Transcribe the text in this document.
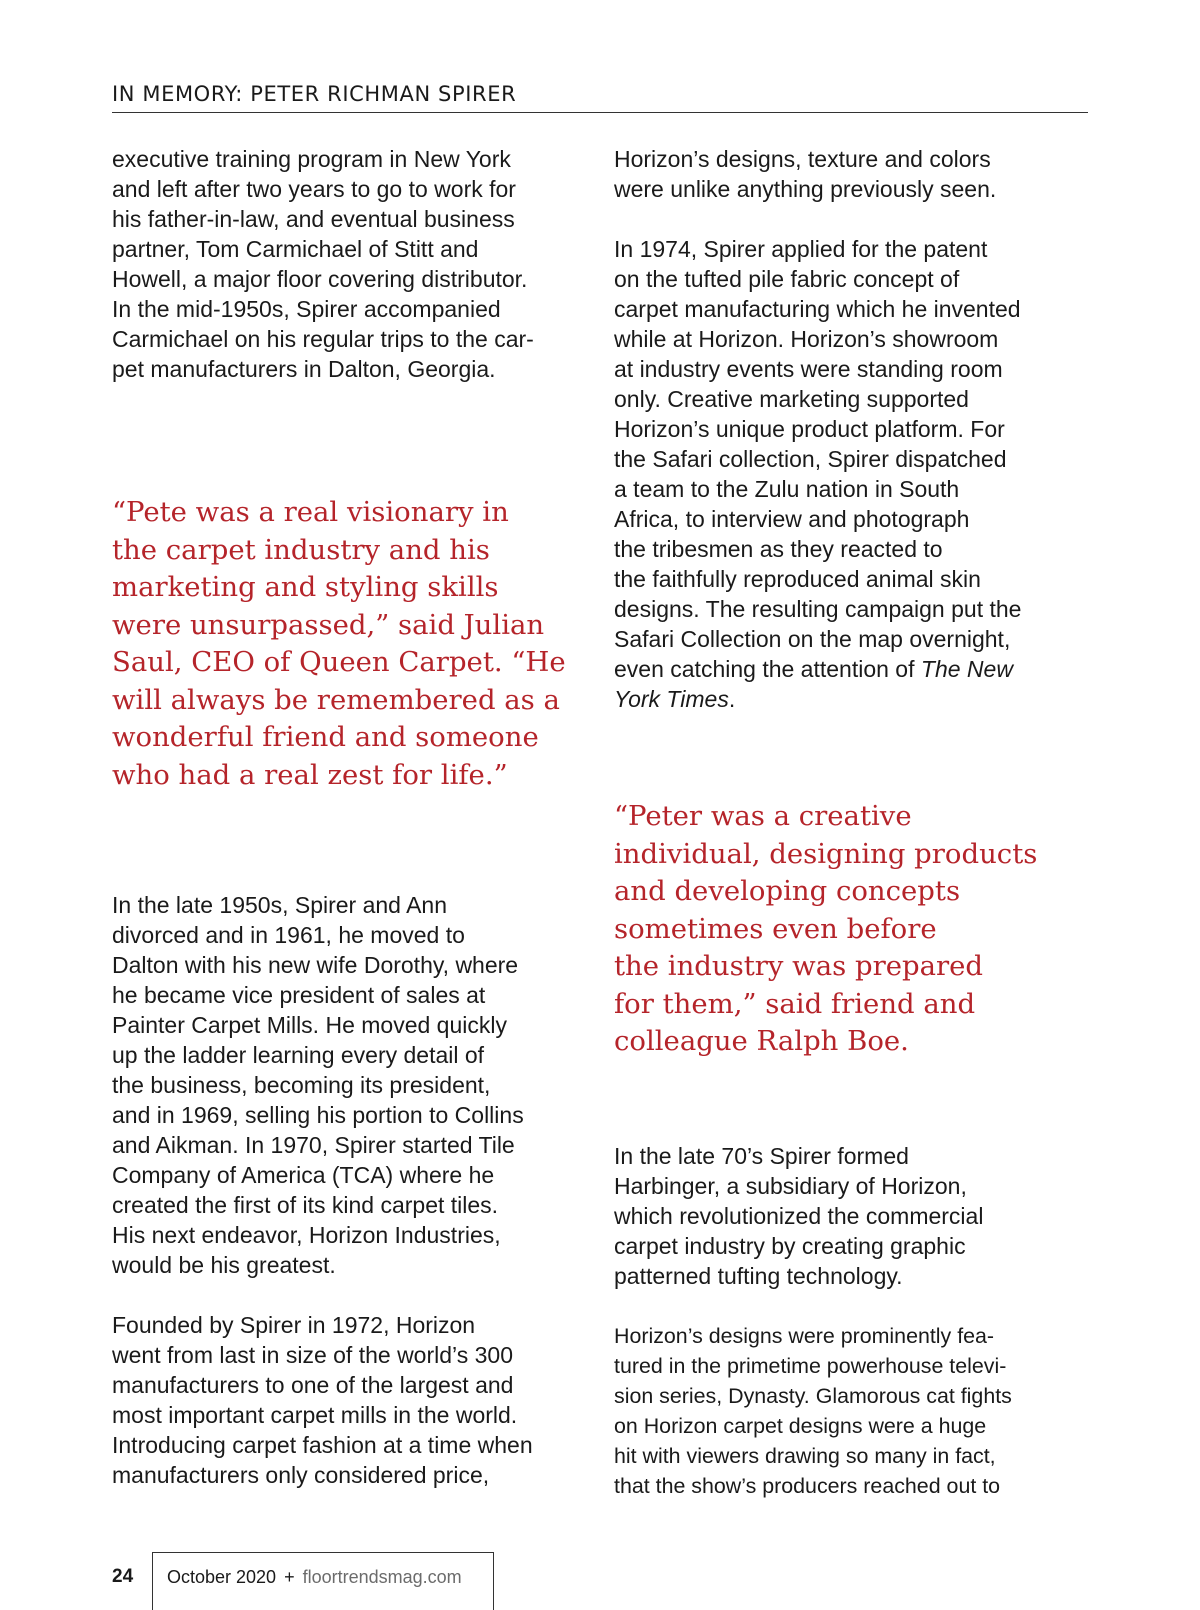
IN MEMORY: PETER RICHMAN SPIRER

executive training program in New York
and left after two years to go to work for
his father-in-law, and eventual business
partner, Tom Carmichael of Stitt and
Howell, a major floor covering distributor.
In the mid-1950s, Spirer accompanied
Carmichael on his regular trips to the car-
pet manufacturers in Dalton, Georgia.

“Pete was a real visionary in
the carpet industry and his
marketing and styling skills
were unsurpassed,” said Julian
Saul, CEO of Queen Carpet. “He
will always be remembered as a
wonderful friend and someone
who had a real zest for life.”

In the late 1950s, Spirer and Ann
divorced and in 1961, he moved to
Dalton with his new wife Dorothy, where
he became vice president of sales at
Painter Carpet Mills. He moved quickly
up the ladder learning every detail of
the business, becoming its president,
and in 1969, selling his portion to Collins
and Aikman. In 1970, Spirer started Tile
Company of America (TCA) where he
created the first of its kind carpet tiles.
His next endeavor, Horizon Industries,
would be his greatest.

Founded by Spirer in 1972, Horizon
went from last in size of the world’s 300
manufacturers to one of the largest and
most important carpet mills in the world.
Introducing carpet fashion at a time when
manufacturers only considered price,

Horizon’s designs, texture and colors
were unlike anything previously seen.

In 1974, Spirer applied for the patent
on the tufted pile fabric concept of
carpet manufacturing which he invented
while at Horizon. Horizon’s showroom
at industry events were standing room
only. Creative marketing supported
Horizon’s unique product platform. For
the Safari collection, Spirer dispatched
a team to the Zulu nation in South
Africa, to interview and photograph
the tribesmen as they reacted to
the faithfully reproduced animal skin
designs. The resulting campaign put the
Safari Collection on the map overnight,
even catching the attention of The New
York Times.

“Peter was a creative
individual, designing products
and developing concepts
sometimes even before
the industry was prepared
for them,” said friend and
colleague Ralph Boe.

In the late 70’s Spirer formed
Harbinger, a subsidiary of Horizon,
which revolutionized the commercial
carpet industry by creating graphic
patterned tufting technology.

Horizon’s designs were prominently fea-
tured in the primetime powerhouse televi-
sion series, Dynasty. Glamorous cat fights
on Horizon carpet designs were a huge
hit with viewers drawing so many in fact,
that the show’s producers reached out to

24 October 2020 + floortrendsmag.com
